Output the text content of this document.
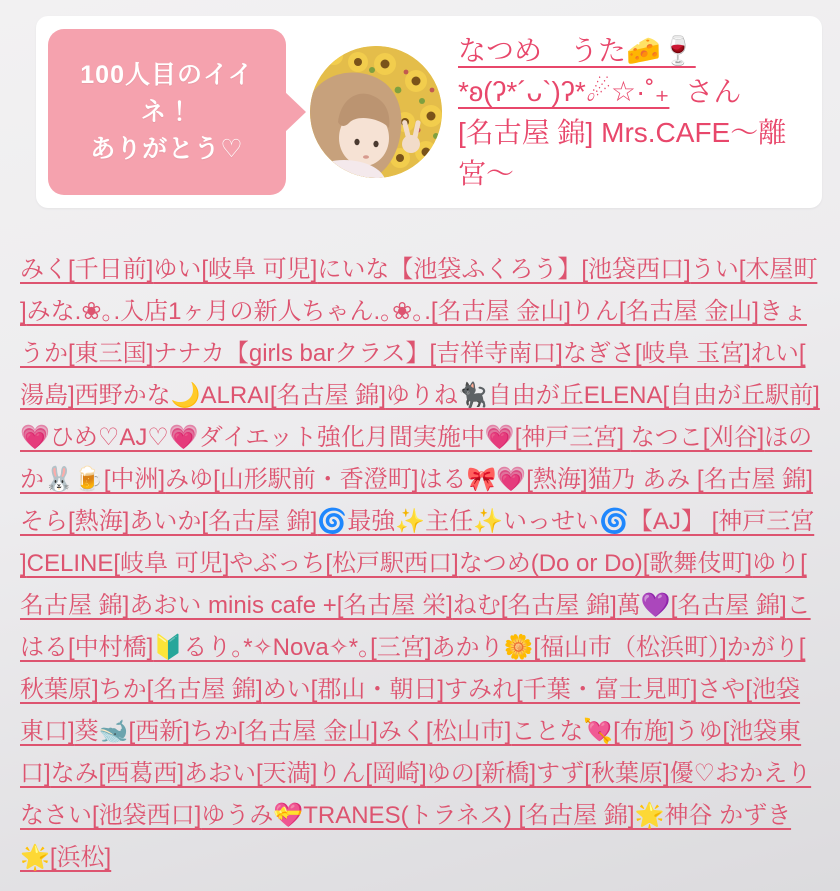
100人目のイイ
ネ！
ありがとう♡
なつめ　うた🧀🍷
*ʚ(ʔ*´ᴗ`)ʔ*☄☆·˚₊ さん
[名古屋 錦] Mrs.CAFE〜離宮〜
みく[千日前]ゆい[岐阜 可児]にいな【池袋ふくろう】[池袋西口]うい[木屋町]みな.❀｡.入店1ヶ月の新人ちゃん.｡❀｡.[名古屋 金山]りん[名古屋 金山]きょうか[東三国]ナナカ【girls barクラス】[吉祥寺南口]なぎさ[岐阜 玉宮]れい[湯島]西野かな🌙ALRAI[名古屋 錦]ゆりね🐈‍⬛自由が丘ELENA[自由が丘駅前]💗ひめ♡AJ♡💗ダイエット強化月間実施中💗[神戸三宮] なつこ[刈谷]ほのか🐰🍺[中洲]みゆ[山形駅前・香澄町]はる🎀💗[熱海]猫乃 あみ [名古屋 錦]そら[熱海]あいか[名古屋 錦]🌀最強✨主任✨いっせい🌀【AJ】 [神戸三宮]CELINE[岐阜 可児]やぶっち[松戸駅西口]なつめ(Do or Do)[歌舞伎町]ゆり[名古屋 錦]あおい minis cafe +[名古屋 栄]ねむ[名古屋 錦]萬💜[名古屋 錦]こはる[中村橋]🔰るり｡*✧Nova✧*｡[三宮]あかり🌼[福山市（松浜町）]かがり[秋葉原]ちか[名古屋 錦]めい[郡山・朝日]すみれ[千葉・富士見町]さや[池袋東口]葵🐋[西新]ちか[名古屋 金山]みく[松山市]ことな💘[布施]うゆ[池袋東口]なみ[西葛西]あおい[天満]りん[岡崎]ゆの[新橋]すず[秋葉原]優♡おかえりなさい[池袋西口]ゆうみ💝TRANES(トラネス) [名古屋 錦]🌟神谷 かずき🌟[浜松]
